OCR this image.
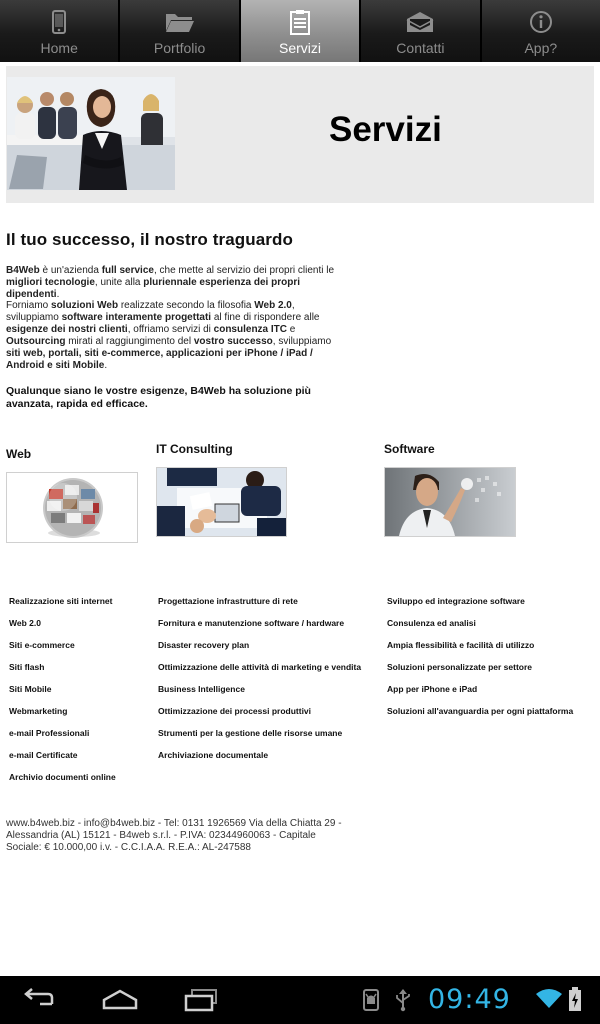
Home	Portfolio	Servizi	Contatti	App?
Servizi
Il tuo successo, il nostro traguardo
B4Web è un'azienda full service, che mette al servizio dei propri clienti le migliori tecnologie, unite alla pluriennale esperienza dei propri dipendenti.
Forniamo soluzioni Web realizzate secondo la filosofia Web 2.0, sviluppiamo software interamente progettati al fine di rispondere alle esigenze dei nostri clienti, offriamo servizi di consulenza ITC e Outsourcing mirati al raggiungimento del vostro successo, sviluppiamo siti web, portali, siti e-commerce, applicazioni per iPhone / iPad / Android e siti Mobile.
Qualunque siano le vostre esigenze, B4Web ha soluzione più avanzata, rapida ed efficace.
Web
Realizzazione siti internet
Web 2.0
Siti e-commerce
Siti flash
Siti Mobile
Webmarketing
e-mail Professionali
e-mail Certificate
Archivio documenti online
IT Consulting
Progettazione infrastrutture di rete
Fornitura e manutenzione software / hardware
Disaster recovery plan
Ottimizzazione delle attività di marketing e vendita
Business Intelligence
Ottimizzazione dei processi produttivi
Strumenti per la gestione delle risorse umane
Archiviazione documentale
Software
Sviluppo ed integrazione software
Consulenza ed analisi
Ampia flessibilità e facilità di utilizzo
Soluzioni personalizzate per settore
App per iPhone e iPad
Soluzioni all'avanguardia per ogni piattaforma
www.b4web.biz - info@b4web.biz - Tel: 0131 1926569 Via della Chiatta 29 - Alessandria (AL) 15121 - B4web s.r.l. - P.IVA: 02344960063 - Capitale Sociale: € 10.000,00 i.v. - C.C.I.A.A. R.E.A.: AL-247588
09:49
